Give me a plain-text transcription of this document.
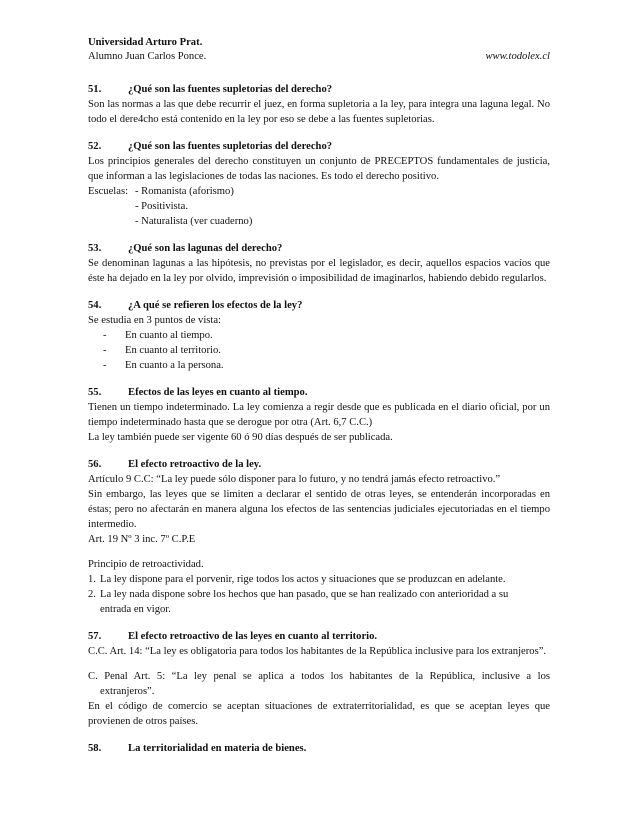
Universidad Arturo Prat.
Alumno Juan Carlos Ponce.	www.todolex.cl
51.	¿Qué son las fuentes supletorias del derecho?

Son las normas a las que debe recurrir el juez, en forma supletoria a la ley, para integra una laguna legal. No todo el dere4cho está contenido en la ley por eso se debe a las fuentes supletorias.

52.	¿Qué son las fuentes supletorias del derecho?

Los principios generales del derecho constituyen un conjunto de PRECEPTOS fundamentales de justicia, que informan a las legislaciones de todas las naciones. Es todo el derecho positivo.

Escuelas: - Romanista (aforismo)
- Positivista.
- Naturalista (ver cuaderno)
53.	¿Qué son las lagunas del derecho?

Se denominan lagunas a las hipótesis, no previstas por el legislador, es decir, aquellos espacios vacíos que éste ha dejado en la ley por olvido, imprevisión o imposibilidad de imaginarlos, habiendo debido regularlos.

54.	¿A qué se refieren los efectos de la ley?

Se estudia en 3 puntos de vista:

-	En cuanto al tiempo.
-	En cuanto al territorio.
-	En cuanto a la persona.
55.	Efectos de las leyes en cuanto al tiempo.

Tienen un tiempo indeterminado. La ley comienza a regir desde que es publicada en el diario oficial, por un tiempo indeterminado hasta que se derogue por otra (Art. 6,7 C.C.)

La ley también puede ser vigente 60 ó 90 días después de ser publicada.

56.	El efecto retroactivo de la ley.

Artículo 9 C.C: “La ley puede sólo disponer para lo futuro, y no tendrá jamás efecto retroactivo.”

Sin embargo, las leyes que se limiten a declarar el sentido de otras leyes, se entenderán incorporadas en éstas; pero no afectarán en manera alguna los efectos de las sentencias judiciales ejecutoriadas en el tiempo intermedio.

Art. 19 Nº 3 inc. 7º C.P.E

Principio de retroactividad.

1. La ley dispone para el porvenir, rige todos los actos y situaciones que se produzcan en adelante.
2. La ley nada dispone sobre los hechos que han pasado, que se han realizado con anterioridad a su
entrada en vigor.
57.	El efecto retroactivo de las leyes en cuanto al territorio.

C.C. Art. 14: “La ley es obligatoria para todos los habitantes de la República inclusive para los extranjeros”.

C. Penal Art. 5: “La ley penal se aplica a todos los habitantes de la República, inclusive a los

extranjeros”.

En el código de comercio se aceptan situaciones de extraterritorialidad, es que se aceptan leyes que provienen de otros países.

58.	La territorialidad en materia de bienes.
